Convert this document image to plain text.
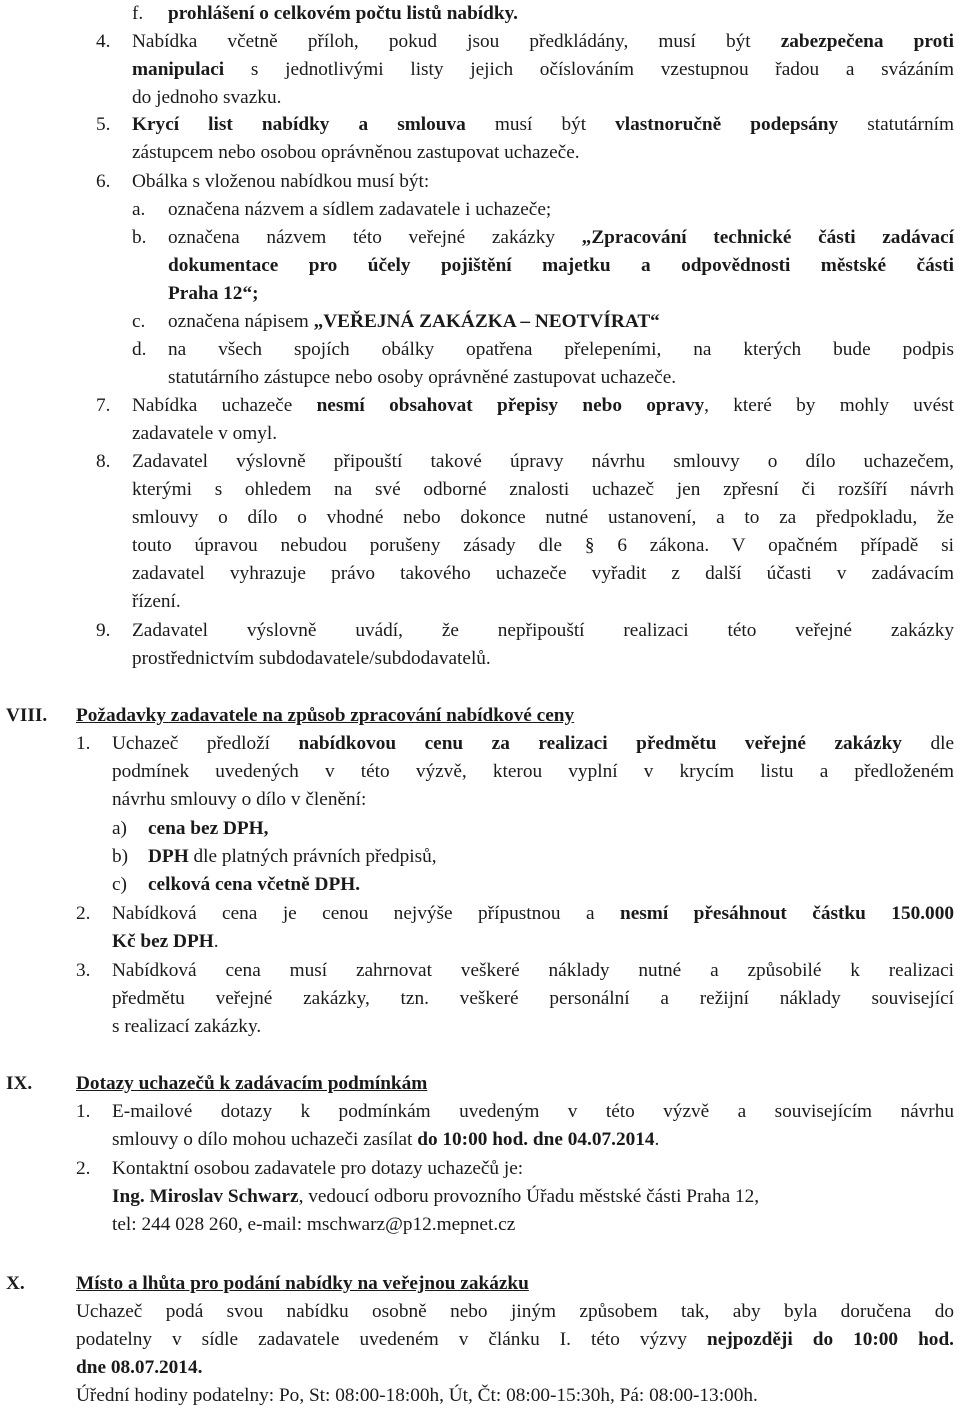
f. prohlášení o celkovém počtu listů nabídky.
4. Nabídka včetně příloh, pokud jsou předkládány, musí být zabezpečena proti
manipulaci s jednotlivými listy jejich očíslováním vzestupnou řadou a svázáním
do jednoho svazku.
5. Krycí list nabídky a smlouva musí být vlastnoručně podepsány statutárním
zástupcem nebo osobou oprávněnou zastupovat uchazeče.
6. Obálka s vloženou nabídkou musí být:
a. označena názvem a sídlem zadavatele i uchazeče;
b. označena názvem této veřejné zakázky „Zpracování technické části zadávací
dokumentace pro účely pojištění majetku a odpovědnosti městské části
Praha 12“;
c. označena nápisem „VEŘEJNÁ ZAKÁZKA – NEOTVÍRAT“
d. na všech spojích obálky opatřena přelepeními, na kterých bude podpis
statutárního zástupce nebo osoby oprávněné zastupovat uchazeče.
7. Nabídka uchazeče nesmí obsahovat přepisy nebo opravy, které by mohly uvést
zadavatele v omyl.
8. Zadavatel výslovně připouští takové úpravy návrhu smlouvy o dílo uchazečem,
kterými s ohledem na své odborné znalosti uchazeč jen zpřesní či rozšíří návrh
smlouvy o dílo o vhodné nebo dokonce nutné ustanovení, a to za předpokladu, že
touto úpravou nebudou porušeny zásady dle § 6 zákona. V opačném případě si
zadavatel vyhrazuje právo takového uchazeče vyřadit z další účasti v zadávacím
řízení.
9. Zadavatel výslovně uvádí, že nepřipouští realizaci této veřejné zakázky
prostřednictvím subdodavatele/subdodavatelů.
VIII. Požadavky zadavatele na způsob zpracování nabídkové ceny
1. Uchazeč předloží nabídkovou cenu za realizaci předmětu veřejné zakázky dle
podmínek uvedených v této výzvě, kterou vyplní v krycím listu a předloženém
návrhu smlouvy o dílo v členění:
a) cena bez DPH,
b) DPH dle platných právních předpisů,
c) celková cena včetně DPH.
2. Nabídková cena je cenou nejvýše přípustnou a nesmí přesáhnout částku 150.000
Kč bez DPH.
3. Nabídková cena musí zahrnovat veškeré náklady nutné a způsobilé k realizaci
předmětu veřejné zakázky, tzn. veškeré personální a režijní náklady související
s realizací zakázky.
IX. Dotazy uchazečů k zadávacím podmínkám
1. E-mailové dotazy k podmínkám uvedeným v této výzvě a souvisejícím návrhu
smlouvy o dílo mohou uchazeči zasílat do 10:00 hod. dne 04.07.2014.
2. Kontaktní osobou zadavatele pro dotazy uchazečů je:
Ing. Miroslav Schwarz, vedoucí odboru provozního Úřadu městské části Praha 12,
tel: 244 028 260, e-mail: mschwarz@p12.mepnet.cz
X.	Místo a lhůta pro podání nabídky na veřejnou zakázku
Uchazeč podá svou nabídku osobně nebo jiným způsobem tak, aby byla doručena do
podatelny v sídle zadavatele uvedeném v článku I. této výzvy nejpozději do 10:00 hod.
dne 08.07.2014.
Úřední hodiny podatelny: Po, St: 08:00-18:00h, Út, Čt: 08:00-15:30h, Pá: 08:00-13:00h.
